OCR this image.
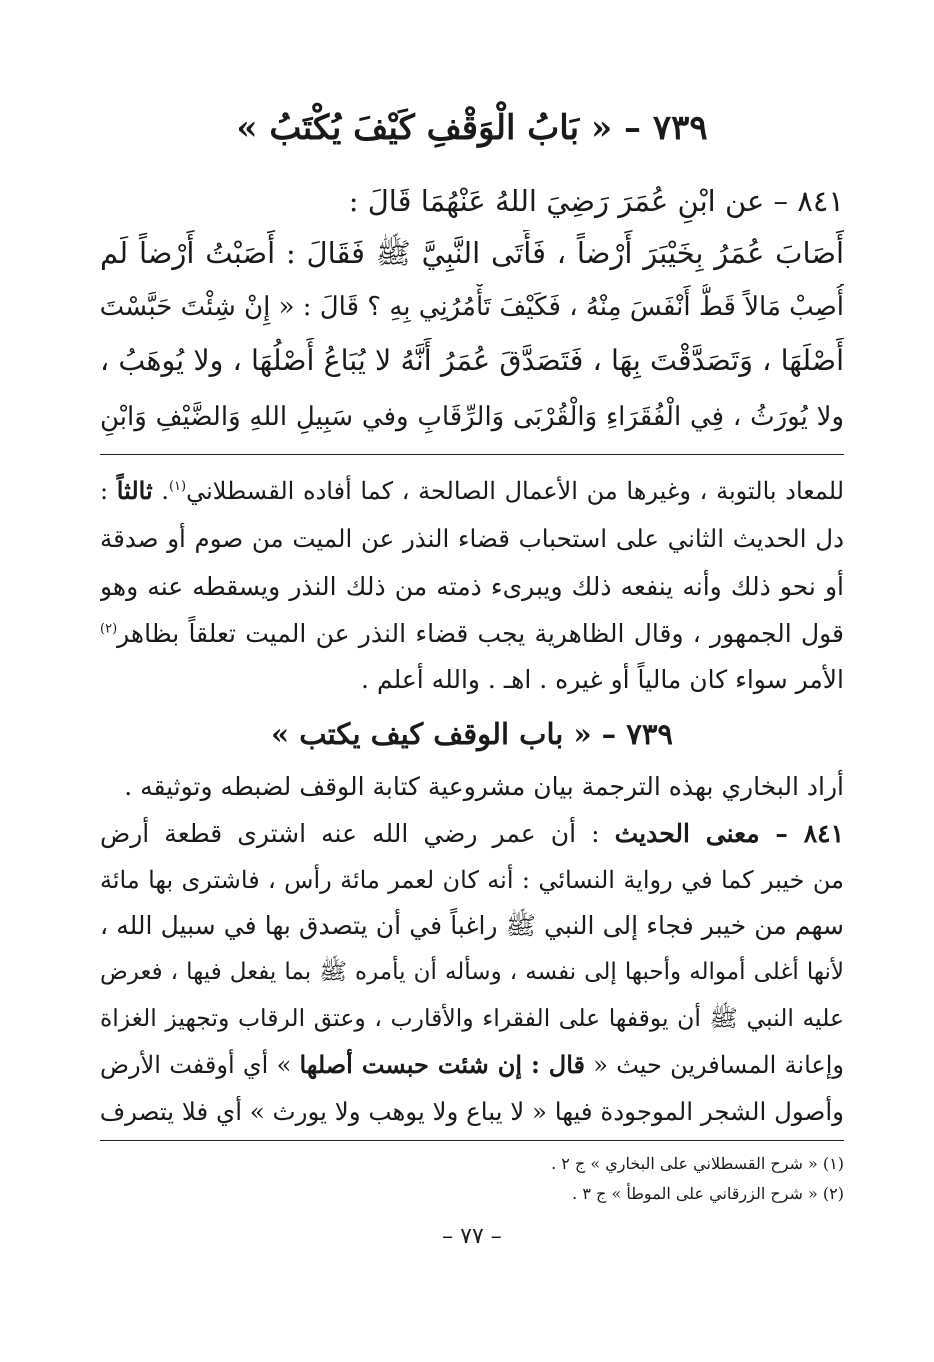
٧٣٩ – « بَابُ الْوَقْفِ كَيْفَ يُكْتَبُ »
٨٤١ – عن ابْنِ عُمَرَ رَضِيَ اللهُ عَنْهُمَا قَالَ :
أَصَابَ عُمَرُ بِخَيْبَرَ أَرْضاً ، فَأَتَى النَّبِيَّ ﷺ فَقَالَ : أَصَبْتُ أَرْضاً لَم
أُصِبْ مَالاً قَطُّ أَنْفَسَ مِنْهُ ، فَكَيْفَ تَأْمُرُنِي بِهِ ؟ قَالَ : « إِنْ شِئْتَ حَبَّسْتَ
أَصْلَهَا ، وَتَصَدَّقْتَ بِهَا ، فَتَصَدَّقَ عُمَرُ أَنَّهُ لا يُبَاعُ أَصْلُهَا ، ولا يُوهَبُ ،
ولا يُورَثُ ، فِي الْفُقَرَاءِ وَالْقُرْبَى وَالرِّقَابِ وفي سَبِيلِ اللهِ وَالضَّيْفِ وَابْنِ
للمعاد بالتوبة ، وغيرها من الأعمال الصالحة ، كما أفاده القسطلاني$^{(١)}$. ثالثاً :
دل الحديث الثاني على استحباب قضاء النذر عن الميت من صوم أو صدقة
أو نحو ذلك وأنه ينفعه ذلك ويبرىء ذمته من ذلك النذر ويسقطه عنه وهو
قول الجمهور ، وقال الظاهرية يجب قضاء النذر عن الميت تعلقاً بظاهر$^{(٢)}$
الأمر سواء كان مالياً أو غيره . اهـ . والله أعلم .
٧٣٩ – « باب الوقف كيف يكتب »
أراد البخاري بهذه الترجمة بيان مشروعية كتابة الوقف لضبطه وتوثيقه .
٨٤١ – معنى الحديث : أن عمر رضي الله عنه اشترى قطعة أرض
من خيبر كما في رواية النسائي : أنه كان لعمر مائة رأس ، فاشترى بها مائة
سهم من خيبر فجاء إلى النبي ﷺ راغباً في أن يتصدق بها في سبيل الله ،
لأنها أغلى أمواله وأحبها إلى نفسه ، وسأله أن يأمره ﷺ بما يفعل فيها ، فعرض
عليه النبي ﷺ أن يوقفها على الفقراء والأقارب ، وعتق الرقاب وتجهيز الغزاة
وإعانة المسافرين حيث « قال : إن شئت حبست أصلها » أي أوقفت الأرض
وأصول الشجر الموجودة فيها « لا يباع ولا يوهب ولا يورث » أي فلا يتصرف
(١) « شرح القسطلاني على البخاري » ج ٢ .
(٢) « شرح الزرقاني على الموطأ » ج ٣ .
– ٧٧ –
